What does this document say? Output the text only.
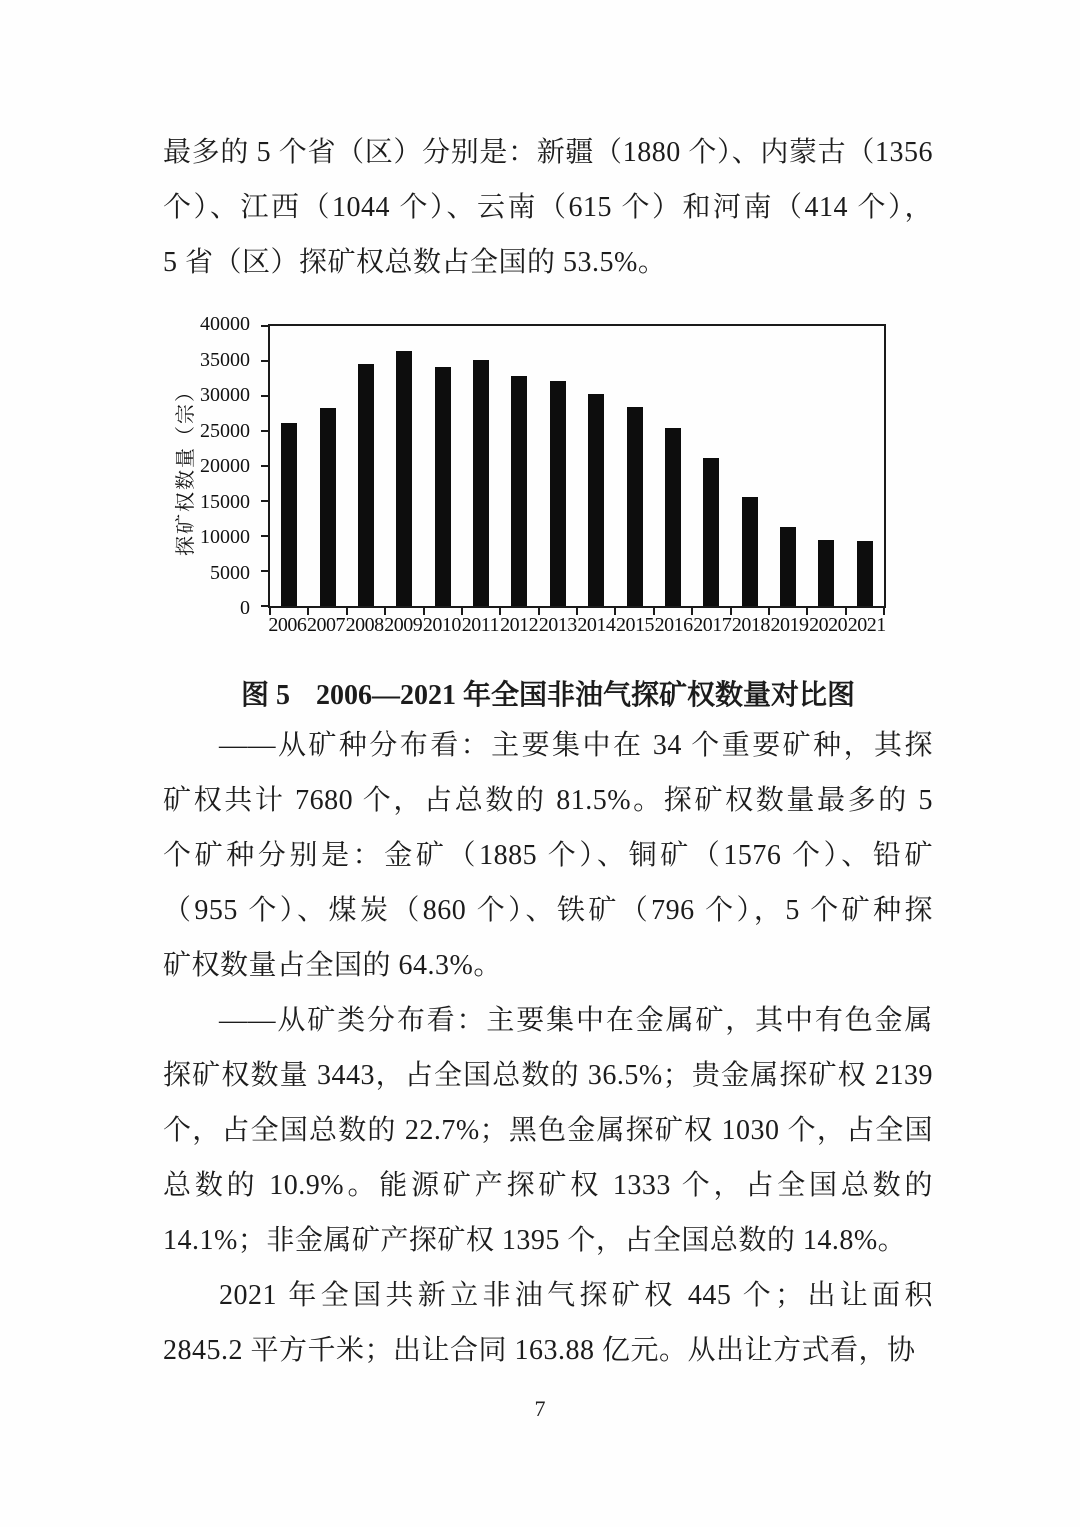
最多的 5 个省（区）分别是：新疆（1880 个）、内蒙古（1356
个）、江西（1044 个）、云南（615 个）和河南（414 个），
5 省（区）探矿权总数占全国的 53.5%。
探矿权数量（宗）
0
5000
10000
15000
20000
25000
30000
35000
40000
2006 2007 2008 2009 2010 2011 2012 2013 2014 2015 2016 2017 2018 2019 2020 2021
图 5 2006—2021 年全国非油气探矿权数量对比图
——从矿种分布看：主要集中在 34 个重要矿种，其探
矿权共计 7680 个，占总数的 81.5%。探矿权数量最多的 5
个矿种分别是：金矿（1885 个）、铜矿（1576 个）、铅矿
（955 个）、煤炭（860 个）、铁矿（796 个），5 个矿种探
矿权数量占全国的 64.3%。
——从矿类分布看：主要集中在金属矿，其中有色金属
探矿权数量 3443，占全国总数的 36.5%；贵金属探矿权 2139
个，占全国总数的 22.7%；黑色金属探矿权 1030 个，占全国
总数的 10.9%。能源矿产探矿权 1333 个，占全国总数的
14.1%；非金属矿产探矿权 1395 个，占全国总数的 14.8%。
2021 年全国共新立非油气探矿权 445 个；出让面积
2845.2 平方千米；出让合同 163.88 亿元。从出让方式看，协
7
